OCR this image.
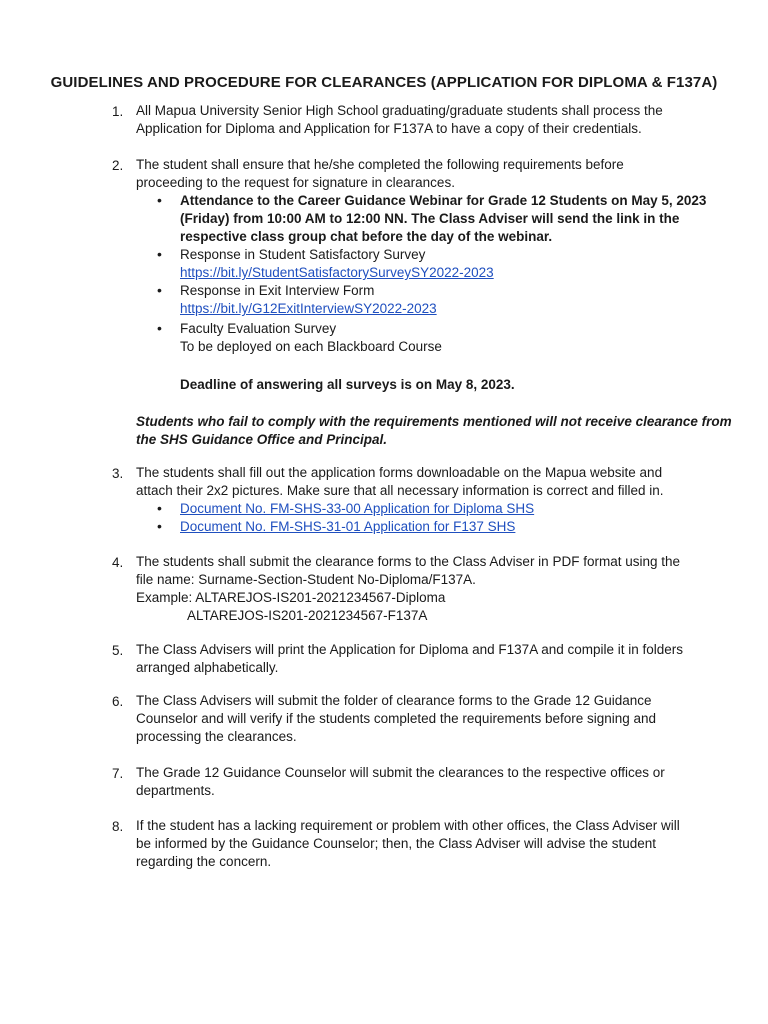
GUIDELINES AND PROCEDURE FOR CLEARANCES (APPLICATION FOR DIPLOMA & F137A)
1. All Mapua University Senior High School graduating/graduate students shall process the
Application for Diploma and Application for F137A to have a copy of their credentials.
2. The student shall ensure that he/she completed the following requirements before
proceeding to the request for signature in clearances.
• Attendance to the Career Guidance Webinar for Grade 12 Students on May 5, 2023
(Friday) from 10:00 AM to 12:00 NN. The Class Adviser will send the link in the
respective class group chat before the day of the webinar.
• Response in Student Satisfactory Survey
https://bit.ly/StudentSatisfactorySurveySY2022-2023
• Response in Exit Interview Form
https://bit.ly/G12ExitInterviewSY2022-2023
• Faculty Evaluation Survey
To be deployed on each Blackboard Course
Deadline of answering all surveys is on May 8, 2023.
Students who fail to comply with the requirements mentioned will not receive clearance from
the SHS Guidance Office and Principal.
3. The students shall fill out the application forms downloadable on the Mapua website and
attach their 2x2 pictures. Make sure that all necessary information is correct and filled in.
• Document No. FM-SHS-33-00 Application for Diploma SHS
• Document No. FM-SHS-31-01 Application for F137 SHS
4. The students shall submit the clearance forms to the Class Adviser in PDF format using the
file name: Surname-Section-Student No-Diploma/F137A.
Example: ALTAREJOS-IS201-2021234567-Diploma
ALTAREJOS-IS201-2021234567-F137A
5. The Class Advisers will print the Application for Diploma and F137A and compile it in folders
arranged alphabetically.
6. The Class Advisers will submit the folder of clearance forms to the Grade 12 Guidance
Counselor and will verify if the students completed the requirements before signing and
processing the clearances.
7. The Grade 12 Guidance Counselor will submit the clearances to the respective offices or
departments.
8. If the student has a lacking requirement or problem with other offices, the Class Adviser will
be informed by the Guidance Counselor; then, the Class Adviser will advise the student
regarding the concern.
